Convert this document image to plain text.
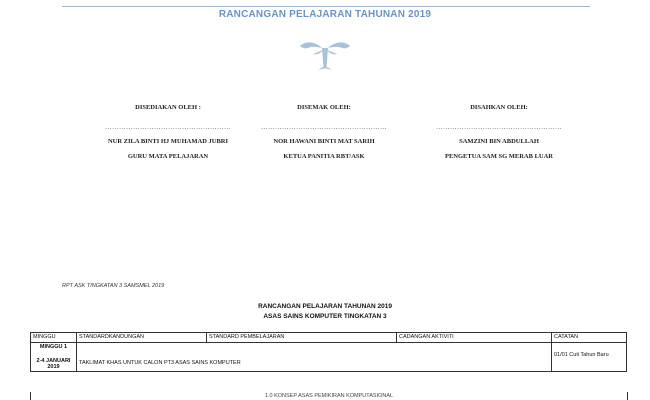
RANCANGAN PELAJARAN TAHUNAN 2019
DISEDIAKAN OLEH :
………………………………………………
NUR ZILA BINTI HJ MUHAMAD JUBRI
GURU MATA PELAJARAN
DISEMAK OLEH:
………………………………………………
NOR HAWANI BINTI MAT SARIH
KETUA PANITIA RBT/ASK
DISAHKAN OLEH:
………………………………………………
SAMZINI BIN ABDULLAH
PENGETUA SAM SG MERAB LUAR
RPT ASK TINGKATAN 3 SAMSMEL 2019
RANCANGAN PELAJARAN TAHUNAN 2019
ASAS SAINS KOMPUTER TINGKATAN 3
MINGGU	STANDARDKANDUNGAN	STANDARD PEMBELAJARAN	CADANGAN AKTIVITI	CATATAN

MINGGU 1
2-4 JANUARI 2019	TAKLIMAT KHAS UNTUK CALON PT3 ASAS SAINS KOMPUTER			01/01 Cuti Tahun Baru
1.0 KONSEP ASAS PEMIKIRAN KOMPUTASIONAL
